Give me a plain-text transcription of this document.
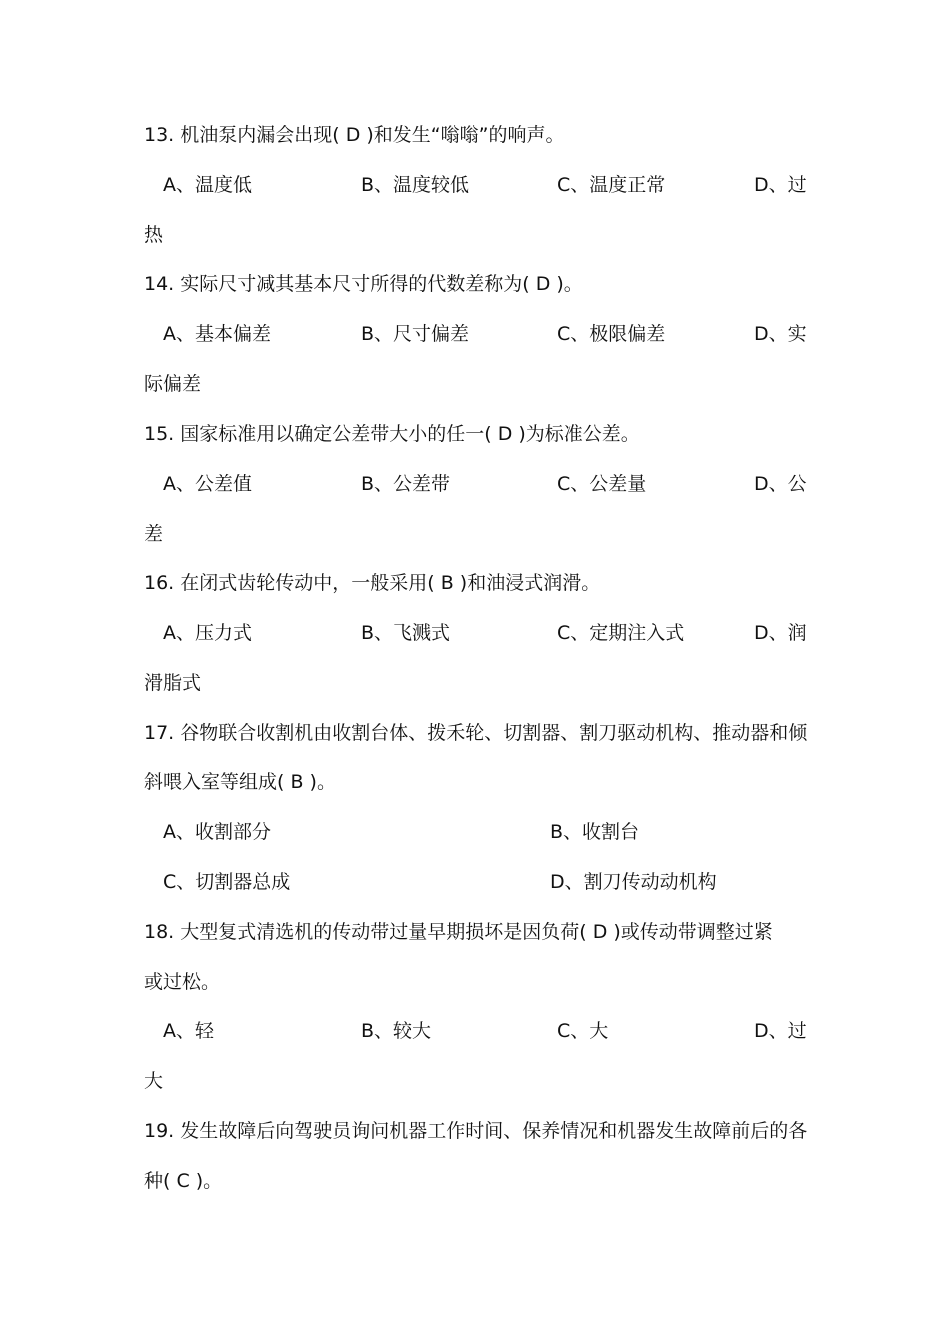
13. 机油泵内漏会出现( D )和发生“嗡嗡”的响声。
A、温度低	B、温度较低	C、温度正常	D、过
热
14. 实际尺寸减其基本尺寸所得的代数差称为( D )。
A、基本偏差	B、尺寸偏差	C、极限偏差	D、实
际偏差
15. 国家标准用以确定公差带大小的任一( D )为标准公差。
A、公差值	B、公差带	C、公差量	D、公
差
16. 在闭式齿轮传动中，一般采用( B )和油浸式润滑。
A、压力式	B、飞溅式	C、定期注入式	D、润
滑脂式
17. 谷物联合收割机由收割台体、拨禾轮、切割器、割刀驱动机构、推动器和倾
斜喂入室等组成( B )。
A、收割部分	B、收割台
C、切割器总成	D、割刀传动动机构
18. 大型复式清选机的传动带过量早期损坏是因负荷( D )或传动带调整过紧
或过松。
A、轻	B、较大	C、大	D、过
大
19. 发生故障后向驾驶员询问机器工作时间、保养情况和机器发生故障前后的各
种( C )。
